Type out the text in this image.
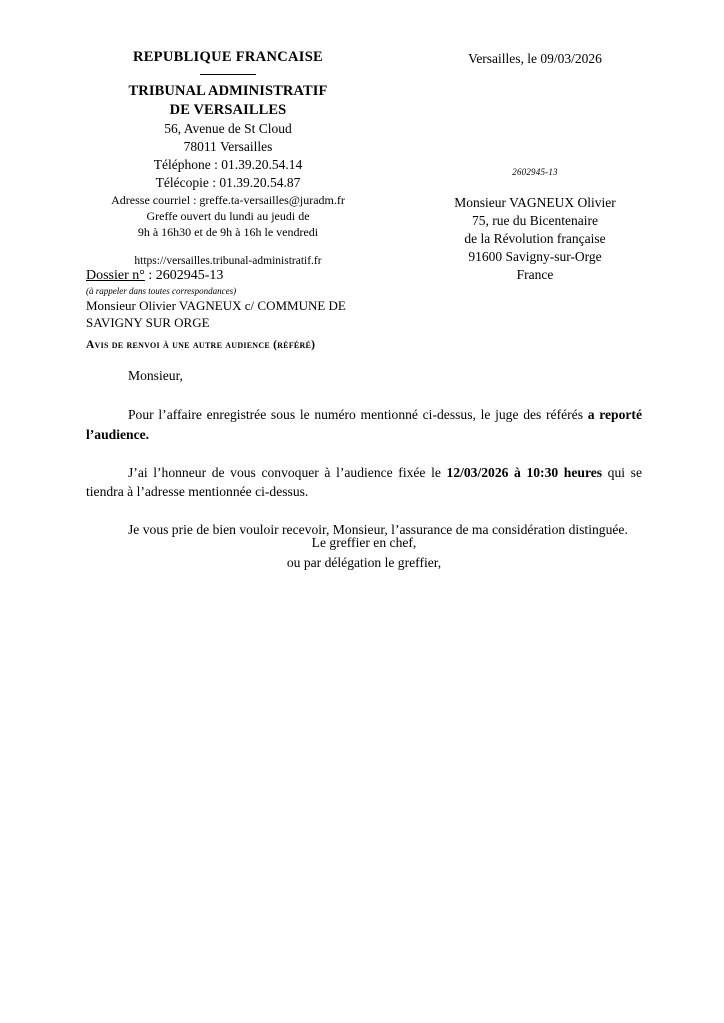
REPUBLIQUE FRANCAISE
TRIBUNAL ADMINISTRATIF
DE VERSAILLES
56, Avenue de St Cloud
78011 Versailles
Téléphone : 01.39.20.54.14
Télécopie : 01.39.20.54.87
Adresse courriel : greffe.ta-versailles@juradm.fr
Greffe ouvert du lundi au jeudi de
9h à 16h30 et de 9h à 16h le vendredi
https://versailles.tribunal-administratif.fr
Versailles, le 09/03/2026
2602945-13
Monsieur VAGNEUX Olivier
75, rue du Bicentenaire
de la Révolution française
91600 Savigny-sur-Orge
France
Dossier n° : 2602945-13
(à rappeler dans toutes correspondances)
Monsieur Olivier VAGNEUX c/ COMMUNE DE
SAVIGNY SUR ORGE
Avis de renvoi à une autre audience (référé)

Monsieur,

Pour l’affaire enregistrée sous le numéro mentionné ci-dessus, le juge des référés a reporté l’audience.

J’ai l’honneur de vous convoquer à l’audience fixée le 12/03/2026 à 10:30 heures qui se tiendra à l’adresse mentionnée ci-dessus.

Je vous prie de bien vouloir recevoir, Monsieur, l’assurance de ma considération distinguée.

Le greffier en chef,
ou par délégation le greffier,
